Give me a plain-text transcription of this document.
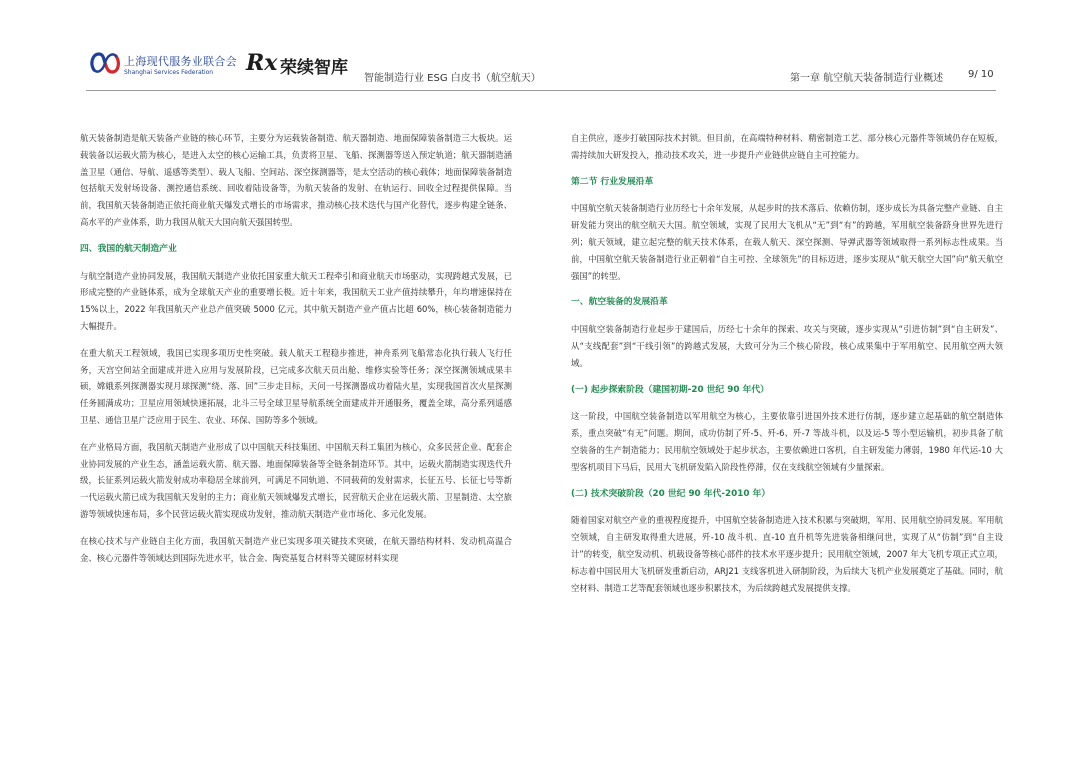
上海现代服务业联合会
Shanghai Services Federation Rx 荣续智库
智能制造行业 ESG 白皮书（航空航天）	第一章 航空航天装备制造行业概述 9/ 10

航天装备制造是航天装备产业链的核心环节，主要分为运载装备制造、航天器制造、地面保障装备制造三大板块。运载装备以运载火箭为核心，是进入太空的核心运输工具，负责将卫星、飞船、探测器等送入预定轨道；航天器制造涵盖卫星（通信、导航、遥感等类型）、载人飞船、空间站、深空探测器等，是太空活动的核心载体；地面保障装备制造包括航天发射场设备、测控通信系统、回收着陆设备等，为航天装备的发射、在轨运行、回收全过程提供保障。当前，我国航天装备制造正依托商业航天爆发式增长的市场需求，推动核心技术迭代与国产化替代，逐步构建全链条、高水平的产业体系，助力我国从航天大国向航天强国转型。

四、我国的航天制造产业

与航空制造产业协同发展，我国航天制造产业依托国家重大航天工程牵引和商业航天市场驱动，实现跨越式发展，已形成完整的产业链体系，成为全球航天产业的重要增长极。近十年来，我国航天工业产值持续攀升，年均增速保持在 15%以上，2022 年我国航天产业总产值突破 5000 亿元，其中航天制造产业产值占比超 60%，核心装备制造能力大幅提升。

在重大航天工程领域，我国已实现多项历史性突破。载人航天工程稳步推进，神舟系列飞船常态化执行载人飞行任务，天宫空间站全面建成并进入应用与发展阶段，已完成多次航天员出舱、维修实验等任务；深空探测领域成果丰硕，嫦娥系列探测器实现月球探测“绕、落、回”三步走目标，天问一号探测器成功着陆火星，实现我国首次火星探测任务圆满成功；卫星应用领域快速拓展，北斗三号全球卫星导航系统全面建成并开通服务，覆盖全球，高分系列遥感卫星、通信卫星广泛应用于民生、农业、环保、国防等多个领域。

在产业格局方面，我国航天制造产业形成了以中国航天科技集团、中国航天科工集团为核心，众多民营企业、配套企业协同发展的产业生态，涵盖运载火箭、航天器、地面保障装备等全链条制造环节。其中，运载火箭制造实现迭代升级，长征系列运载火箭发射成功率稳居全球前列，可满足不同轨道、不同载荷的发射需求，长征五号、长征七号等新一代运载火箭已成为我国航天发射的主力；商业航天领域爆发式增长，民营航天企业在运载火箭、卫星制造、太空旅游等领域快速布局，多个民营运载火箭实现成功发射，推动航天制造产业市场化、多元化发展。

在核心技术与产业链自主化方面，我国航天制造产业已实现多项关键技术突破，在航天器结构材料、发动机高温合金、核心元器件等领域达到国际先进水平，钛合金、陶瓷基复合材料等关键原材料实现

自主供应，逐步打破国际技术封锁。但目前，在高端特种材料、精密制造工艺、部分核心元器件等领域仍存在短板，需持续加大研发投入，推动技术攻关，进一步提升产业链供应链自主可控能力。

第二节 行业发展沿革

中国航空航天装备制造行业历经七十余年发展，从起步时的技术落后、依赖仿制，逐步成长为具备完整产业链、自主研发能力突出的航空航天大国。航空领域，实现了民用大飞机从“无”到“有”的跨越，军用航空装备跻身世界先进行列；航天领域，建立起完整的航天技术体系，在载人航天、深空探测、导弹武器等领域取得一系列标志性成果。当前，中国航空航天装备制造行业正朝着“自主可控、全球领先”的目标迈进，逐步实现从“航天航空大国”向“航天航空强国”的转型。

一、航空装备的发展沿革

中国航空装备制造行业起步于建国后，历经七十余年的探索、攻关与突破，逐步实现从“引进仿制”到“自主研发”、从“支线配套”到“干线引领”的跨越式发展，大致可分为三个核心阶段，核心成果集中于军用航空、民用航空两大领域。

(一) 起步探索阶段（建国初期-20 世纪 90 年代）

这一阶段，中国航空装备制造以军用航空为核心，主要依靠引进国外技术进行仿制，逐步建立起基础的航空制造体系，重点突破“有无”问题。期间，成功仿制了歼-5、歼-6、歼-7 等战斗机，以及运-5 等小型运输机，初步具备了航空装备的生产制造能力；民用航空领域处于起步状态，主要依赖进口客机，自主研发能力薄弱，1980 年代运-10 大型客机项目下马后，民用大飞机研发陷入阶段性停滞，仅在支线航空领域有少量探索。

(二) 技术突破阶段（20 世纪 90 年代-2010 年）

随着国家对航空产业的重视程度提升，中国航空装备制造进入技术积累与突破期，军用、民用航空协同发展。军用航空领域，自主研发取得重大进展，歼-10 战斗机、直-10 直升机等先进装备相继问世，实现了从“仿制”到“自主设计”的转变，航空发动机、机载设备等核心部件的技术水平逐步提升；民用航空领域，2007 年大飞机专项正式立项，标志着中国民用大飞机研发重新启动，ARJ21 支线客机进入研制阶段，为后续大飞机产业发展奠定了基础。同时，航空材料、制造工艺等配套领域也逐步积累技术，为后续跨越式发展提供支撑。
